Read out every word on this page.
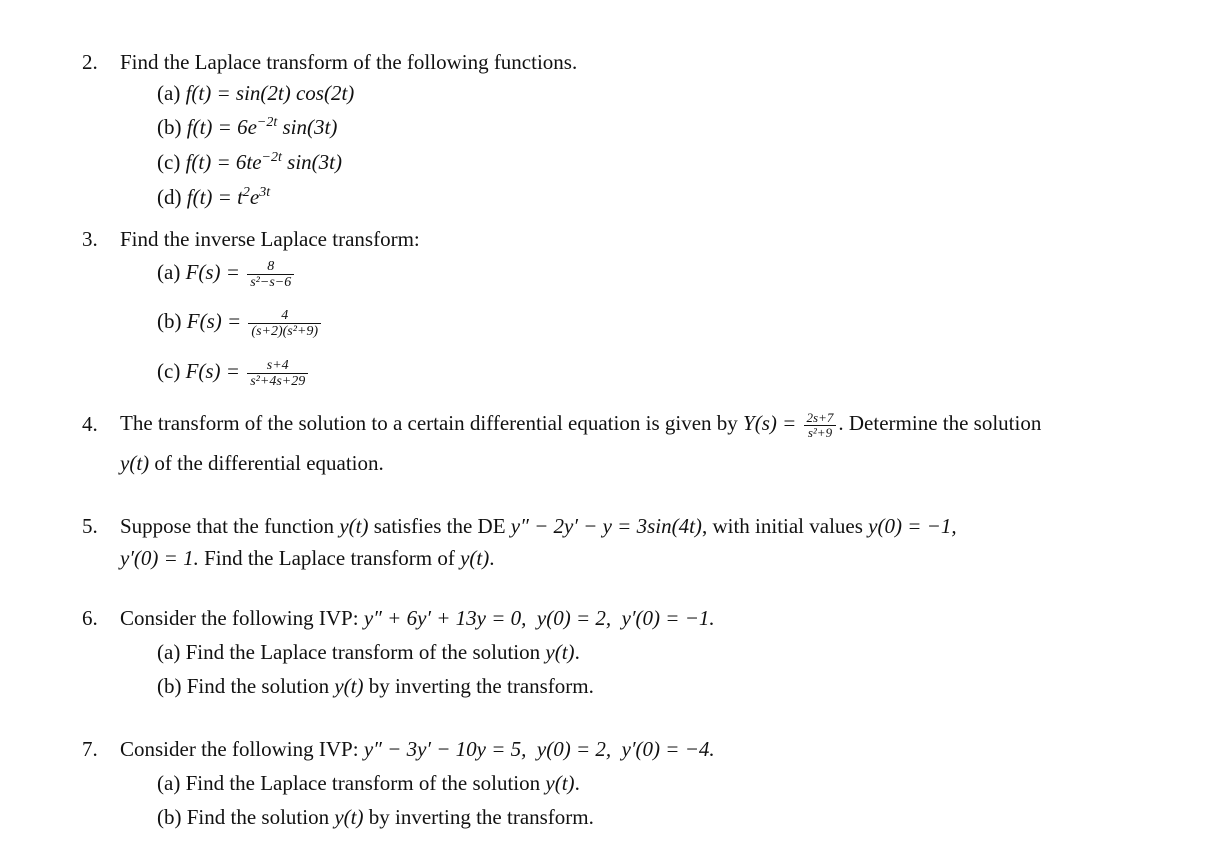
2. Find the Laplace transform of the following functions.
(a) f(t) = sin(2t) cos(2t)
(b) $f(t) = 6e^{-2t}$ sin(3t)
(c) $f(t) = 6te^{-2t}$ sin(3t)
(d) $f(t) = t^2e^{3t}$
3. Find the inverse Laplace transform:
(a) $F(s) = \frac{8}{\text{s²−s−6}}$
(b) $F(s) = \frac{4}{\text{(s+2)(s²+9)}}$
(c) $F(s) = \frac{s+4}{\text{s²+4s+29}}$
4. The transform of the solution to a certain differential equation is given by $Y(s) = \frac{2s+7}{\text{s²+9}}$ . Determine the solution
y(t) of the differential equation.
5. Suppose that the function y(t) satisfies the DE y″ − 2y′ − y = 3sin(4t), with initial values y(0) = −1,
y′(0) = 1. Find the Laplace transform of y(t).
6. Consider the following IVP: y″ + 6y′ + 13y = 0,  y(0) = 2,  y′(0) = −1.
(a) Find the Laplace transform of the solution y(t).
(b) Find the solution y(t) by inverting the transform.
7. Consider the following IVP: y″ − 3y′ − 10y = 5,  y(0) = 2,  y′(0) = −4.
(a) Find the Laplace transform of the solution y(t).
(b) Find the solution y(t) by inverting the transform.
